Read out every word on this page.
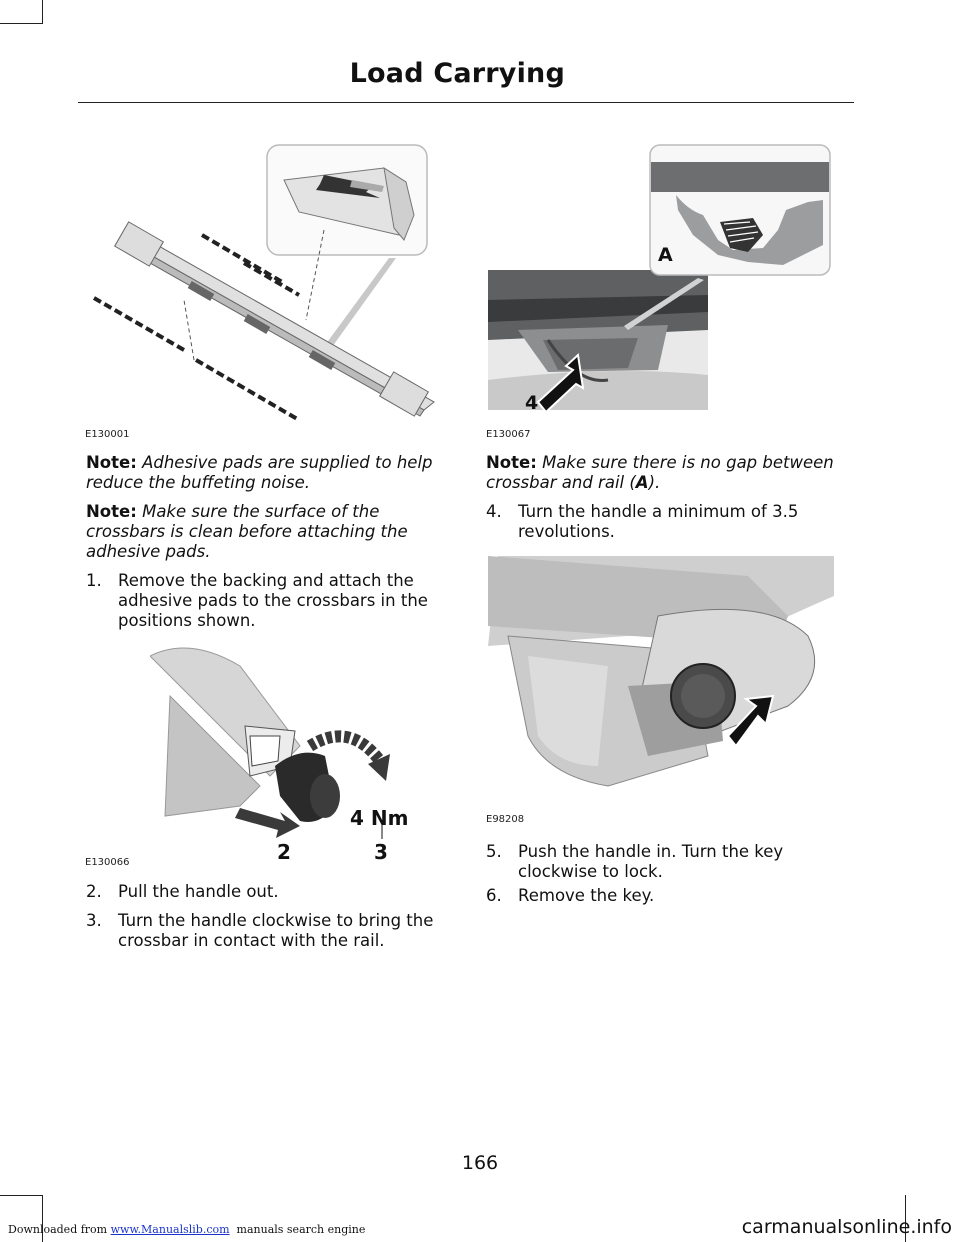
Load Carrying
E130001
A
4
E130067
Note: Adhesive pads are supplied to help
reduce the buffeting noise.
Note: Make sure the surface of the
crossbars is clean before attaching the
adhesive pads.
1. Remove the backing and attach the
adhesive pads to the crossbars in the
positions shown.
4 Nm
2	3
E130066
2. Pull the handle out.
3. Turn the handle clockwise to bring the
crossbar in contact with the rail.
Note: Make sure there is no gap between
crossbar and rail (A).
4. Turn the handle a minimum of 3.5
revolutions.
E98208
5. Push the handle in. Turn the key
clockwise to lock.
6. Remove the key.
166
Downloaded from www.Manualslib.com  manuals search engine	carmanualsonline.info
